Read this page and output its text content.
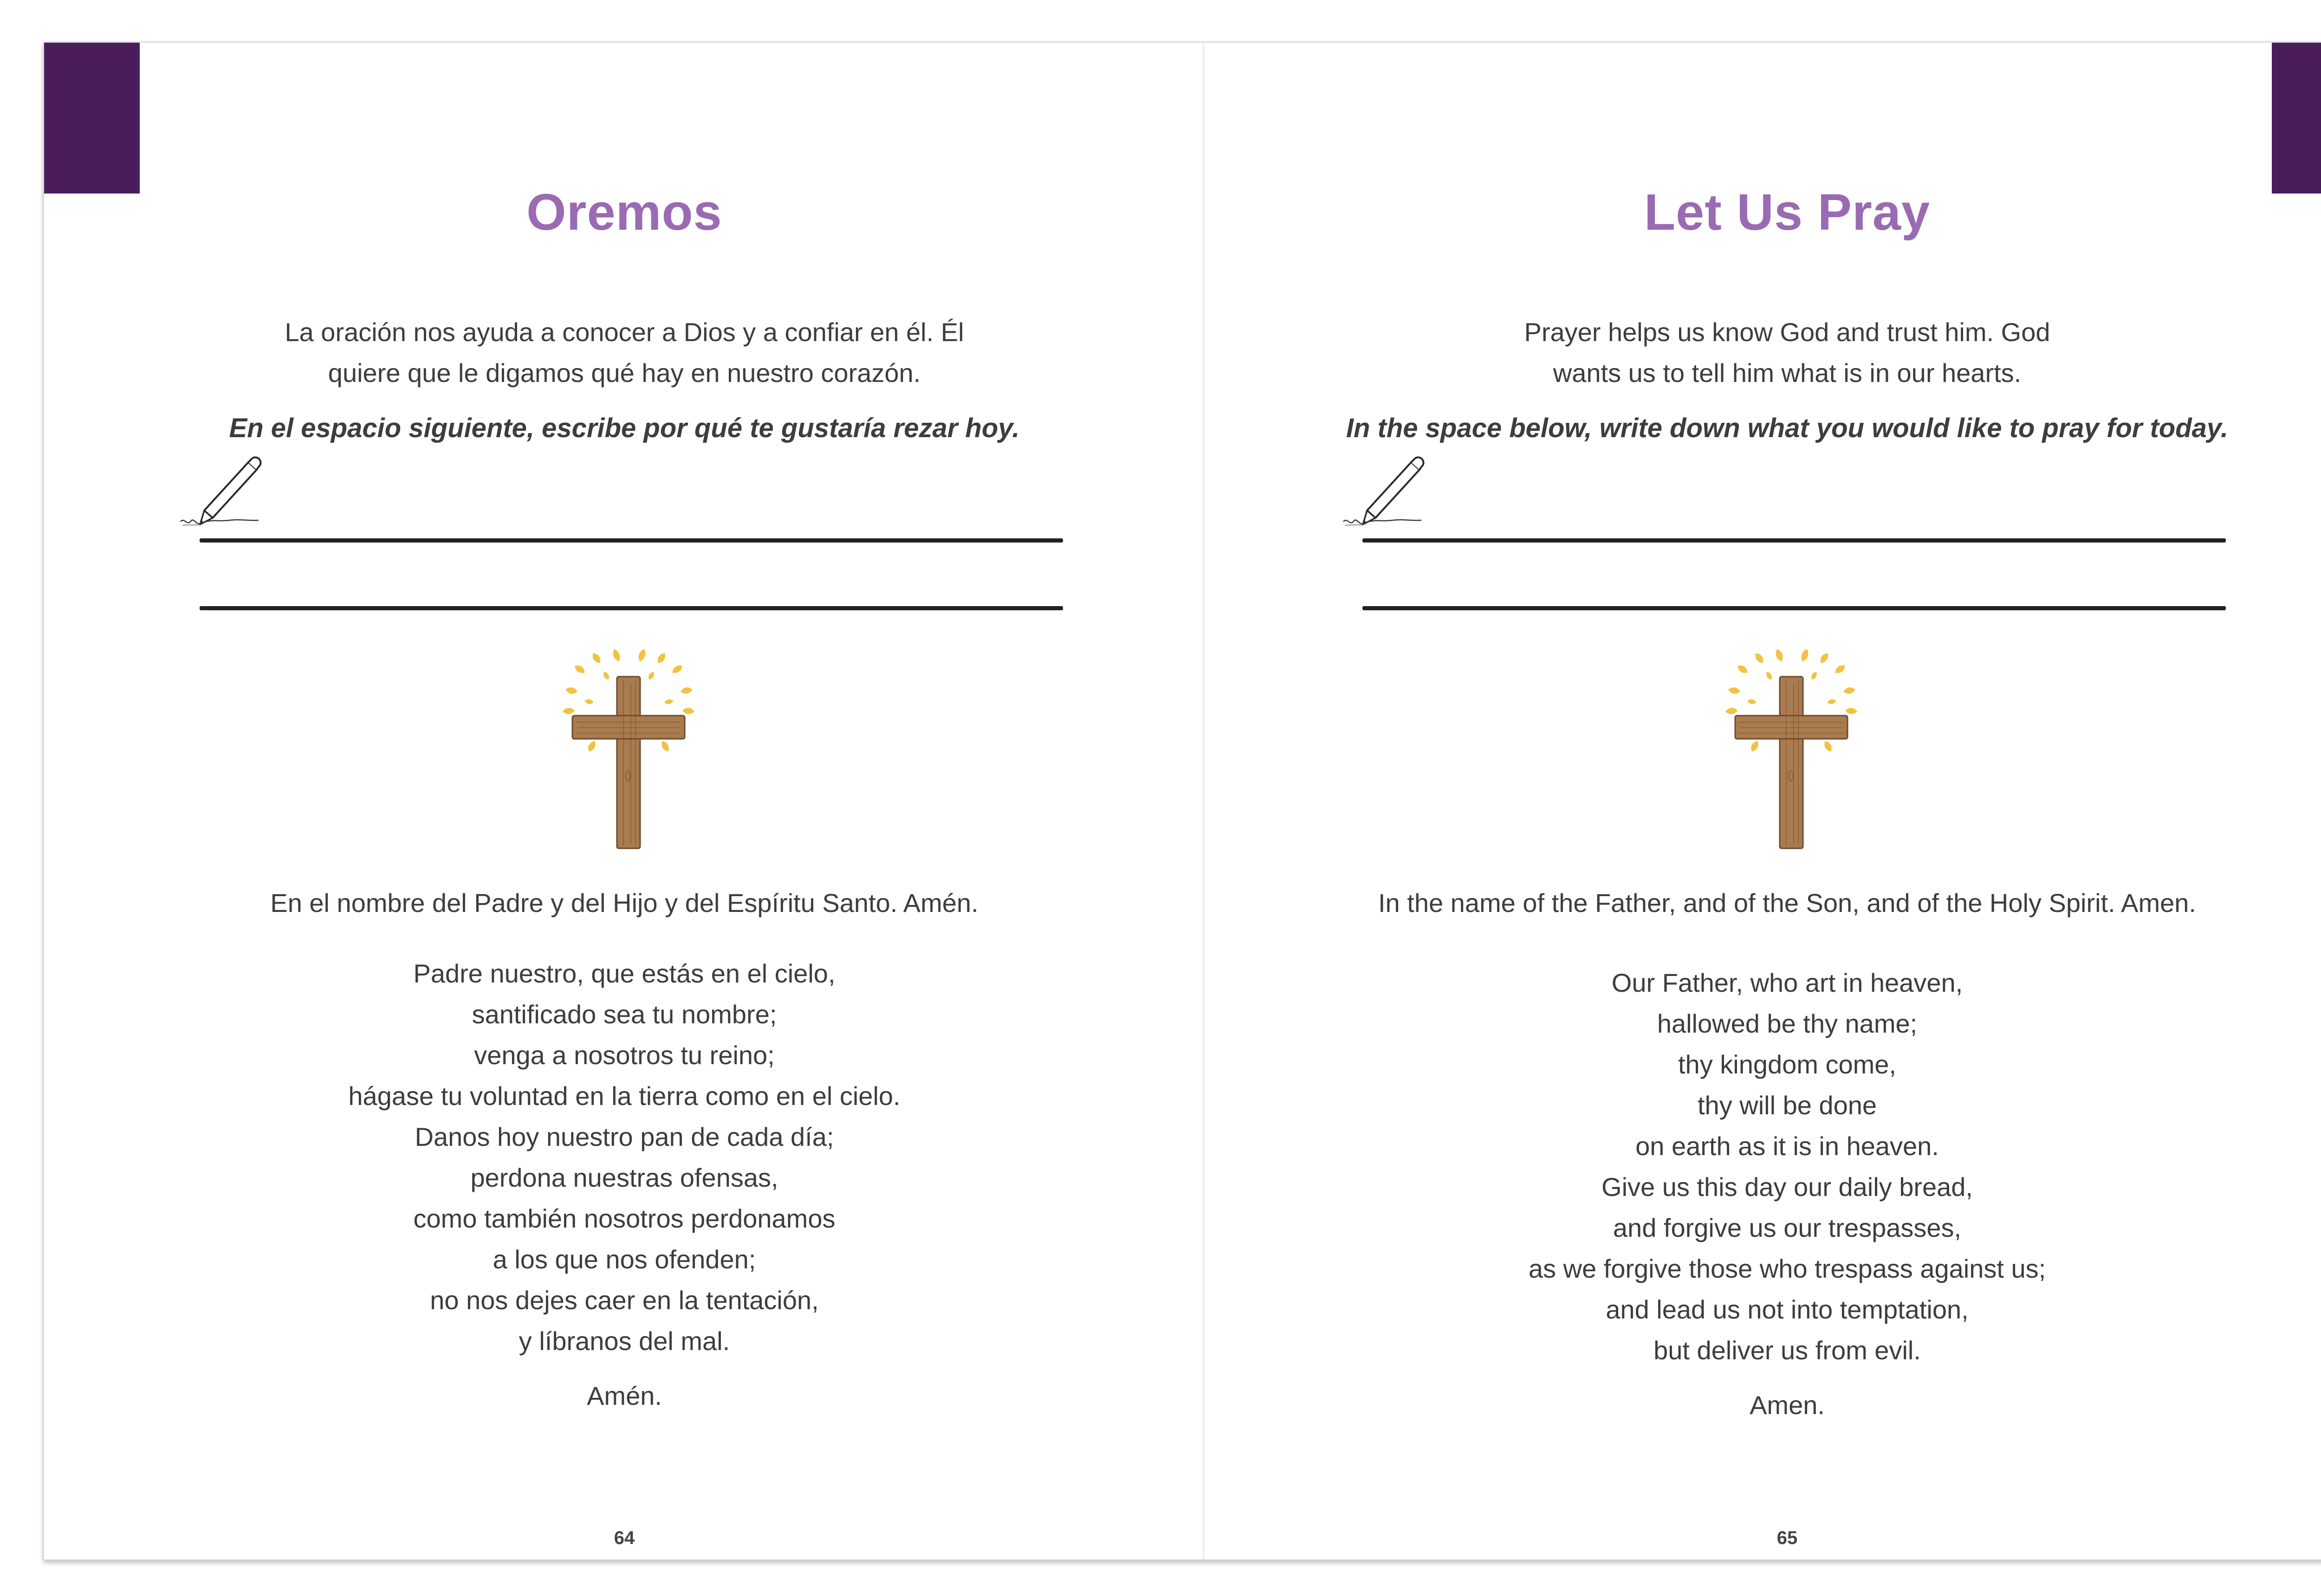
Oremos

La oración nos ayuda a conocer a Dios y a confiar en él. Él
quiere que le digamos qué hay en nuestro corazón.

En el espacio siguiente, escribe por qué te gustaría rezar hoy.

En el nombre del Padre y del Hijo y del Espíritu Santo. Amén.

Padre nuestro, que estás en el cielo,
santificado sea tu nombre;
venga a nosotros tu reino;
hágase tu voluntad en la tierra como en el cielo.
Danos hoy nuestro pan de cada día;
perdona nuestras ofensas,
como también nosotros perdonamos
a los que nos ofenden;
no nos dejes caer en la tentación,
y líbranos del mal.

Amén.

64

Let Us Pray

Prayer helps us know God and trust him. God
wants us to tell him what is in our hearts.

In the space below, write down what you would like to pray for today.

In the name of the Father, and of the Son, and of the Holy Spirit. Amen.

Our Father, who art in heaven,
hallowed be thy name;
thy kingdom come,
thy will be done
on earth as it is in heaven.
Give us this day our daily bread,
and forgive us our trespasses,
as we forgive those who trespass against us;
and lead us not into temptation,
but deliver us from evil.

Amen.

65
